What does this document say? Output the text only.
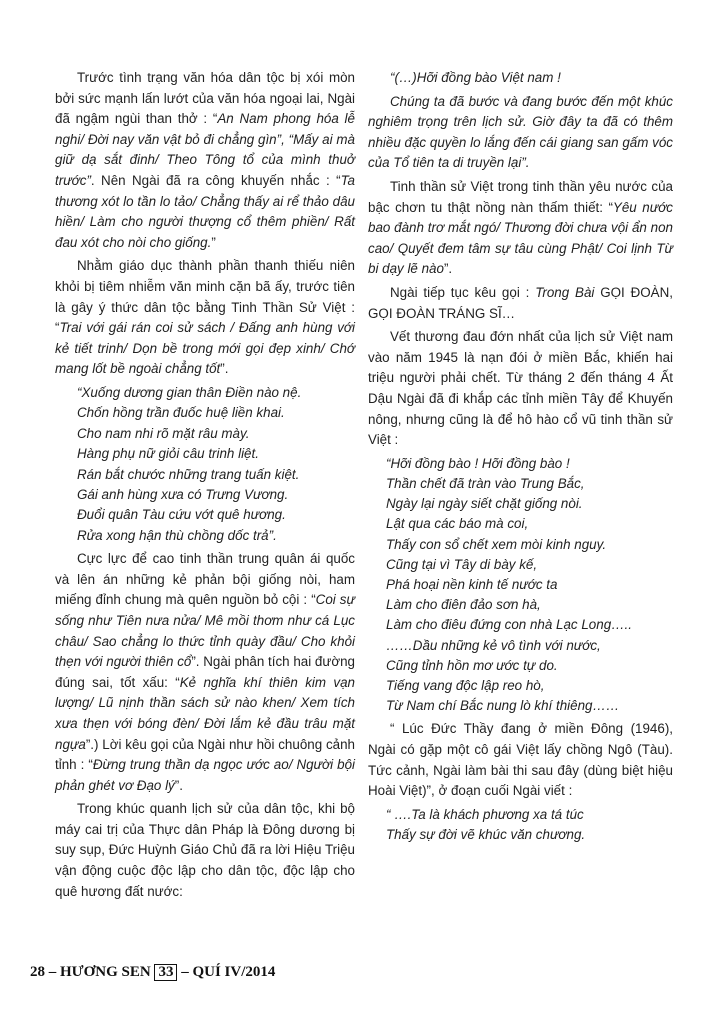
Trước tình trạng văn hóa dân tộc bị xói mòn bởi sức mạnh lấn lướt của văn hóa ngoại lai, Ngài đã ngậm ngùi than thở : “An Nam phong hóa lễ nghi/ Đời nay văn vật bỏ đi chẳng gìn”, “Mấy ai mà giữ dạ sắt đinh/ Theo Tông tổ của mình thuở trước”. Nên Ngài đã ra công khuyến nhắc : “Ta thương xót lo tần lo tảo/ Chẳng thấy ai rể thảo dâu hiền/ Làm cho người thượng cổ thêm phiền/ Rất đau xót cho nòi cho giống.”

Nhằm giáo dục thành phần thanh thiếu niên khỏi bị tiêm nhiễm văn minh cặn bã ấy, trước tiên là gây ý thức dân tộc bằng Tinh Thần Sử Việt : “Trai với gái rán coi sử sách / Đấng anh hùng với kẻ tiết trinh/ Dọn bề trong mới gọi đẹp xinh/ Chớ mang lốt bề ngoài chẳng tốt”.

“Xuống dương gian thân Điền nào nệ.
Chốn hồng trần đuốc huệ liền khai.
Cho nam nhi rõ mặt râu mày.
Hàng phụ nữ giỏi câu trinh liệt.
Rán bắt chước những trang tuấn kiệt.
Gái anh hùng xưa có Trưng Vương.
Đuổi quân Tàu cứu vớt quê hương.
Rửa xong hận thù chồng dốc trả”.

Cực lực để cao tinh thần trung quân ái quốc và lên án những kẻ phản bội giống nòi, ham miếng đỉnh chung mà quên nguồn bỏ cội : “Coi sự sống như Tiên nưa nửa/ Mê mồi thơm như cá Lục châu/ Sao chẳng lo thức tỉnh quày đầu/ Cho khỏi thẹn với người thiên cổ”. Ngài phân tích hai đường đúng sai, tốt xấu: “Kẻ nghĩa khí thiên kim vạn lượng/ Lũ nịnh thần sách sử nào khen/ Xem tích xưa thẹn với bóng đèn/ Đời lắm kẻ đầu trâu mặt ngựa”.) Lời kêu gọi của Ngài như hồi chuông cảnh tỉnh : “Đừng trung thần dạ ngọc ước ao/ Người bội phản ghét vơ Đạo lý”.

Trong khúc quanh lịch sử của dân tộc, khi bộ máy cai trị của Thực dân Pháp là Đông dương bị suy sụp, Đức Huỳnh Giáo Chủ đã ra lời Hiệu Triệu vận động cuộc độc lập cho dân tộc, độc lập cho quê hương đất nước:

“(…)Hỡi đồng bào Việt nam !

Chúng ta đã bước và đang bước đến một khúc nghiêm trọng trên lịch sử. Giờ đây ta đã có thêm nhiều đặc quyền lo lắng đến cái giang san gấm vóc của Tổ tiên ta di truyền lại”.

Tinh thần sử Việt trong tinh thần yêu nước của bậc chơn tu thật nồng nàn thấm thiết: “Yêu nước bao đành trơ mắt ngó/ Thương đời chưa vội ẩn non cao/ Quyết đem tâm sự tâu cùng Phật/ Coi lịnh Từ bi dạy lẽ nào”.

Ngài tiếp tục kêu gọi : Trong Bài GỌI ĐOÀN, GỌI ĐOÀN TRÁNG SĨ…

Vết thương đau đớn nhất của lịch sử Việt nam vào năm 1945 là nạn đói ở miền Bắc, khiến hai triệu người phải chết. Từ tháng 2 đến tháng 4 Ất Dậu Ngài đã đi khắp các tỉnh miền Tây để Khuyến nông, nhưng cũng là để hô hào cổ vũ tinh thần sử Việt :

“Hỡi đồng bào ! Hỡi đồng bào !
Thần chết đã tràn vào Trung Bắc,
Ngày lại ngày siết chặt giống nòi.
Lật qua các báo mà coi,
Thấy con sổ chết xem mòi kinh nguy.
Cũng tại vì Tây di bày kế,
Phá hoại nền kinh tế nước ta
Làm cho điên đảo sơn hà,
Làm cho điêu đứng con nhà Lạc Long…..
……Dầu những kẻ vô tình với nước,
Cũng tỉnh hồn mơ ước tự do.
Tiếng vang độc lập reo hò,
Từ Nam chí Bắc nung lò khí thiêng……

“ Lúc Đức Thầy đang ở miền Đông (1946), Ngài có gặp một cô gái Việt lấy chồng Ngô (Tàu). Tức cảnh, Ngài làm bài thi sau đây (dùng biệt hiệu Hoài Việt)”, ở đoạn cuối Ngài viết :

“ ….Ta là khách phương xa tá túc
Thấy sự đời vẽ khúc văn chương.
28 – HƯƠNG SEN 33 – QUÍ IV/2014
